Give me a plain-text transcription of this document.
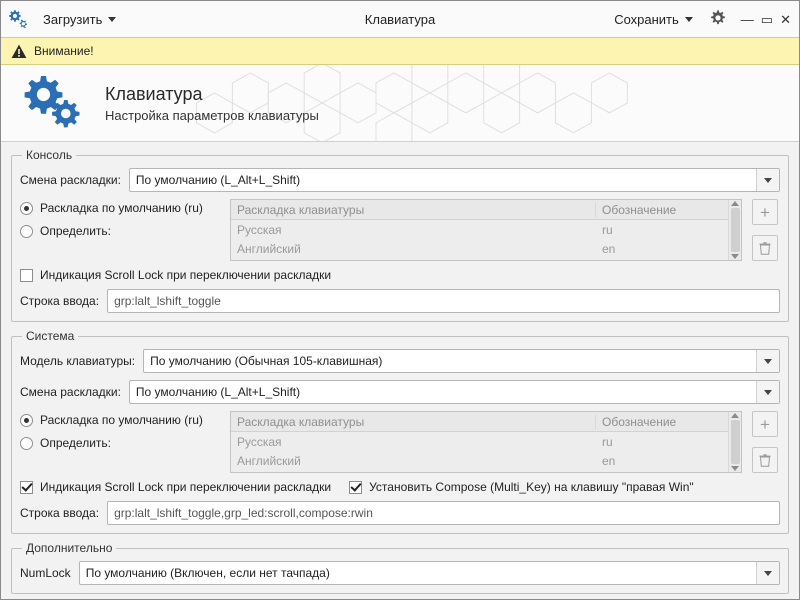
Загрузить	Клавиатура	Сохранить	— ▭ ✕
Внимание!
Клавиатура
Настройка параметров клавиатуры
Консоль
Смена раскладки:	По умолчанию (L_Alt+L_Shift)
Раскладка по умолчанию (ru)
Определить:
Раскладка клавиатуры	Обозначение
Русская	ru
Английский	en
+
Индикация Scroll Lock при переключении раскладки
Строка ввода:	grp:lalt_lshift_toggle
Система
Модель клавиатуры:	По умолчанию (Обычная 105-клавишная)
Смена раскладки:	По умолчанию (L_Alt+L_Shift)
Раскладка по умолчанию (ru)
Определить:
Раскладка клавиатуры	Обозначение
Русская	ru
Английский	en
+
Индикация Scroll Lock при переключении раскладки	Установить Compose (Multi_Key) на клавишу "правая Win"
Строка ввода:	grp:lalt_lshift_toggle,grp_led:scroll,compose:rwin
Дополнительно
NumLock	По умолчанию (Включен, если нет тачпада)
